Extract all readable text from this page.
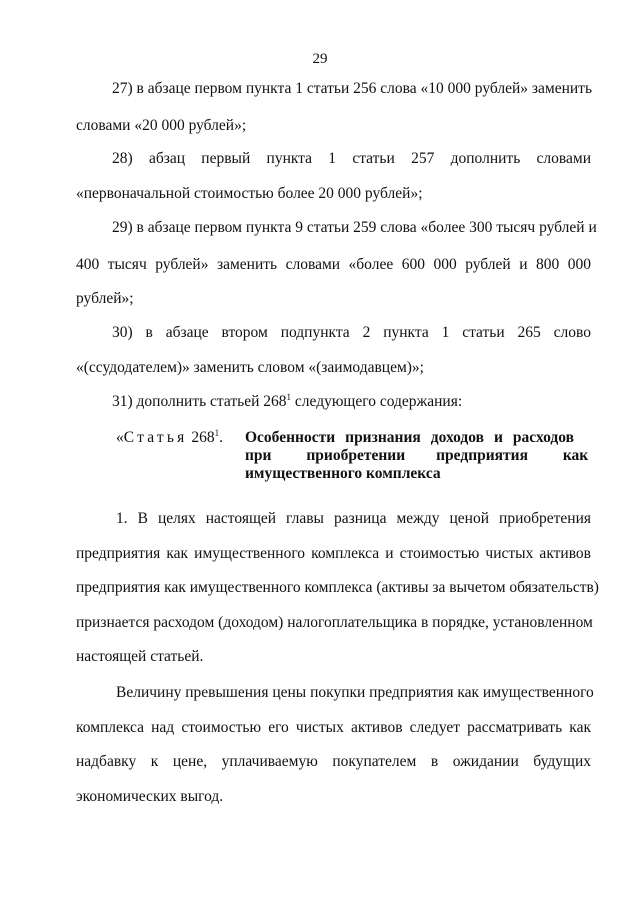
29
27) в абзаце первом пункта 1 статьи 256 слова «10 000 рублей» заменить
словами «20 000 рублей»;
28) абзац первый пункта 1 статьи 257 дополнить словами
«первоначальной стоимостью более 20 000 рублей»;
29) в абзаце первом пункта 9 статьи 259 слова «более 300 тысяч рублей и
400 тысяч рублей» заменить словами «более 600 000 рублей и 800 000
рублей»;
30) в абзаце втором подпункта 2 пункта 1 статьи 265 слово
«(ссудодателем)» заменить словом «(заимодавцем)»;
31) дополнить статьей $268^1$ следующего содержания:
«Статья $268^1$. Особенности признания доходов и расходов
при         приобретении        предприятия         как
имущественного комплекса
1. В целях настоящей главы разница между ценой приобретения
предприятия как имущественного комплекса и стоимостью чистых активов
предприятия как имущественного комплекса (активы за вычетом обязательств)
признается расходом (доходом) налогоплательщика в порядке, установленном
настоящей статьей.
Величину превышения цены покупки предприятия как имущественного
комплекса над стоимостью его чистых активов следует рассматривать как
надбавку к цене, уплачиваемую покупателем в ожидании будущих
экономических выгод.
